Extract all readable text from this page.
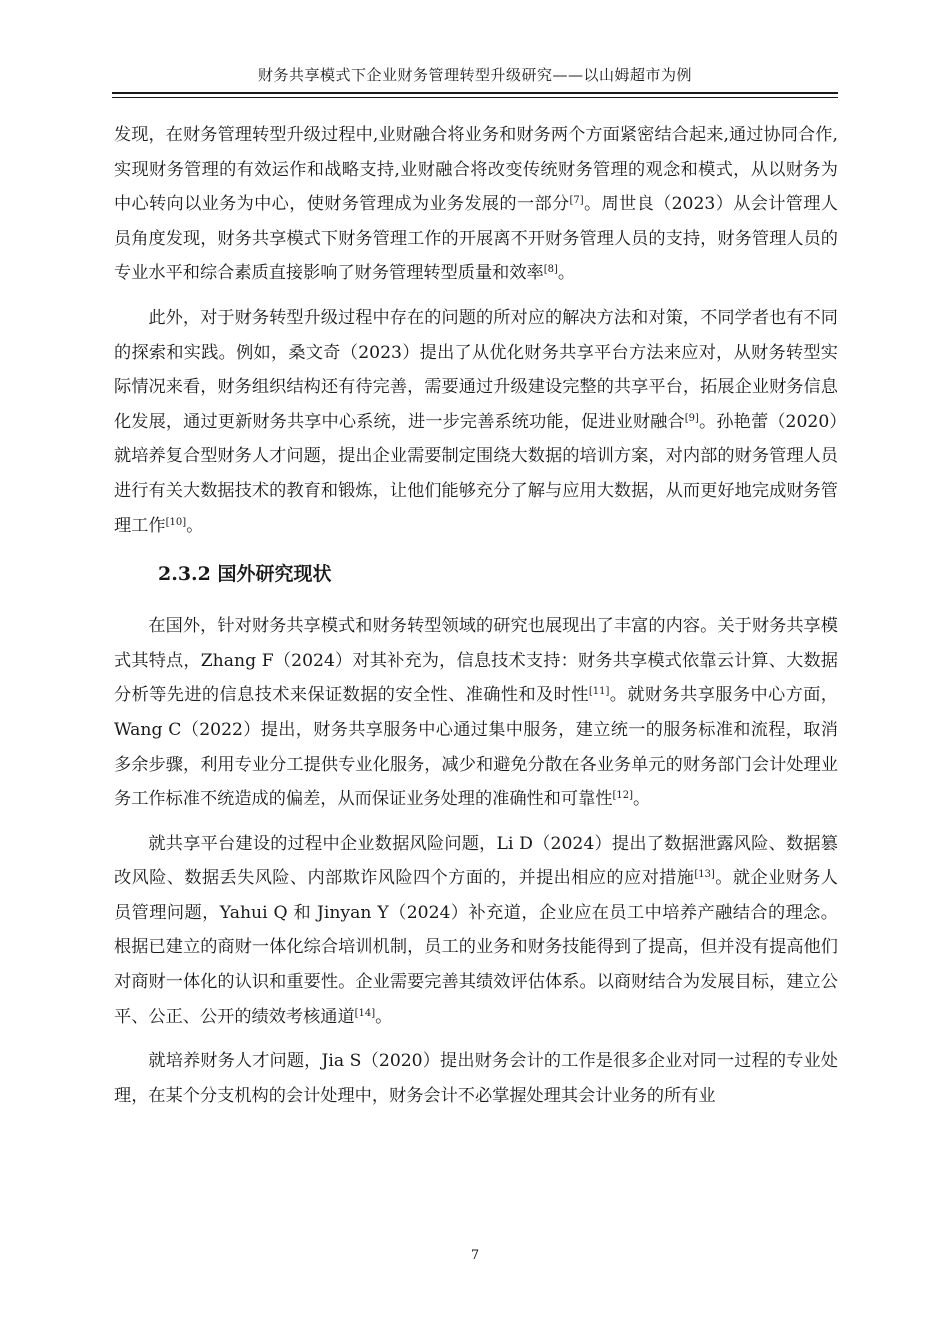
财务共享模式下企业财务管理转型升级研究——以山姆超市为例

发现，在财务管理转型升级过程中,业财融合将业务和财务两个方面紧密结合起来,通过协同合作,实现财务管理的有效运作和战略支持,业财融合将改变传统财务管理的观念和模式，从以财务为中心转向以业务为中心，使财务管理成为业务发展的一部分[7]。周世良（2023）从会计管理人员角度发现，财务共享模式下财务管理工作的开展离不开财务管理人员的支持，财务管理人员的专业水平和综合素质直接影响了财务管理转型质量和效率[8]。

此外，对于财务转型升级过程中存在的问题的所对应的解决方法和对策，不同学者也有不同的探索和实践。例如，桑文奇（2023）提出了从优化财务共享平台方法来应对，从财务转型实际情况来看，财务组织结构还有待完善，需要通过升级建设完整的共享平台，拓展企业财务信息化发展，通过更新财务共享中心系统，进一步完善系统功能，促进业财融合[9]。孙艳蕾（2020）就培养复合型财务人才问题，提出企业需要制定围绕大数据的培训方案，对内部的财务管理人员进行有关大数据技术的教育和锻炼，让他们能够充分了解与应用大数据，从而更好地完成财务管理工作[10]。

2.3.2 国外研究现状

在国外，针对财务共享模式和财务转型领域的研究也展现出了丰富的内容。关于财务共享模式其特点，Zhang F（2024）对其补充为，信息技术支持：财务共享模式依靠云计算、大数据分析等先进的信息技术来保证数据的安全性、准确性和及时性[11]。就财务共享服务中心方面，Wang C（2022）提出，财务共享服务中心通过集中服务，建立统一的服务标准和流程，取消多余步骤，利用专业分工提供专业化服务，减少和避免分散在各业务单元的财务部门会计处理业务工作标准不统造成的偏差，从而保证业务处理的准确性和可靠性[12]。

就共享平台建设的过程中企业数据风险问题，Li D（2024）提出了数据泄露风险、数据篡改风险、数据丢失风险、内部欺诈风险四个方面的，并提出相应的应对措施[13]。就企业财务人员管理问题，Yahui Q 和 Jinyan Y（2024）补充道，企业应在员工中培养产融结合的理念。根据已建立的商财一体化综合培训机制，员工的业务和财务技能得到了提高，但并没有提高他们对商财一体化的认识和重要性。企业需要完善其绩效评估体系。以商财结合为发展目标，建立公平、公正、公开的绩效考核通道[14]。

就培养财务人才问题，Jia S（2020）提出财务会计的工作是很多企业对同一过程的专业处理，在某个分支机构的会计处理中，财务会计不必掌握处理其会计业务的所有业

7
